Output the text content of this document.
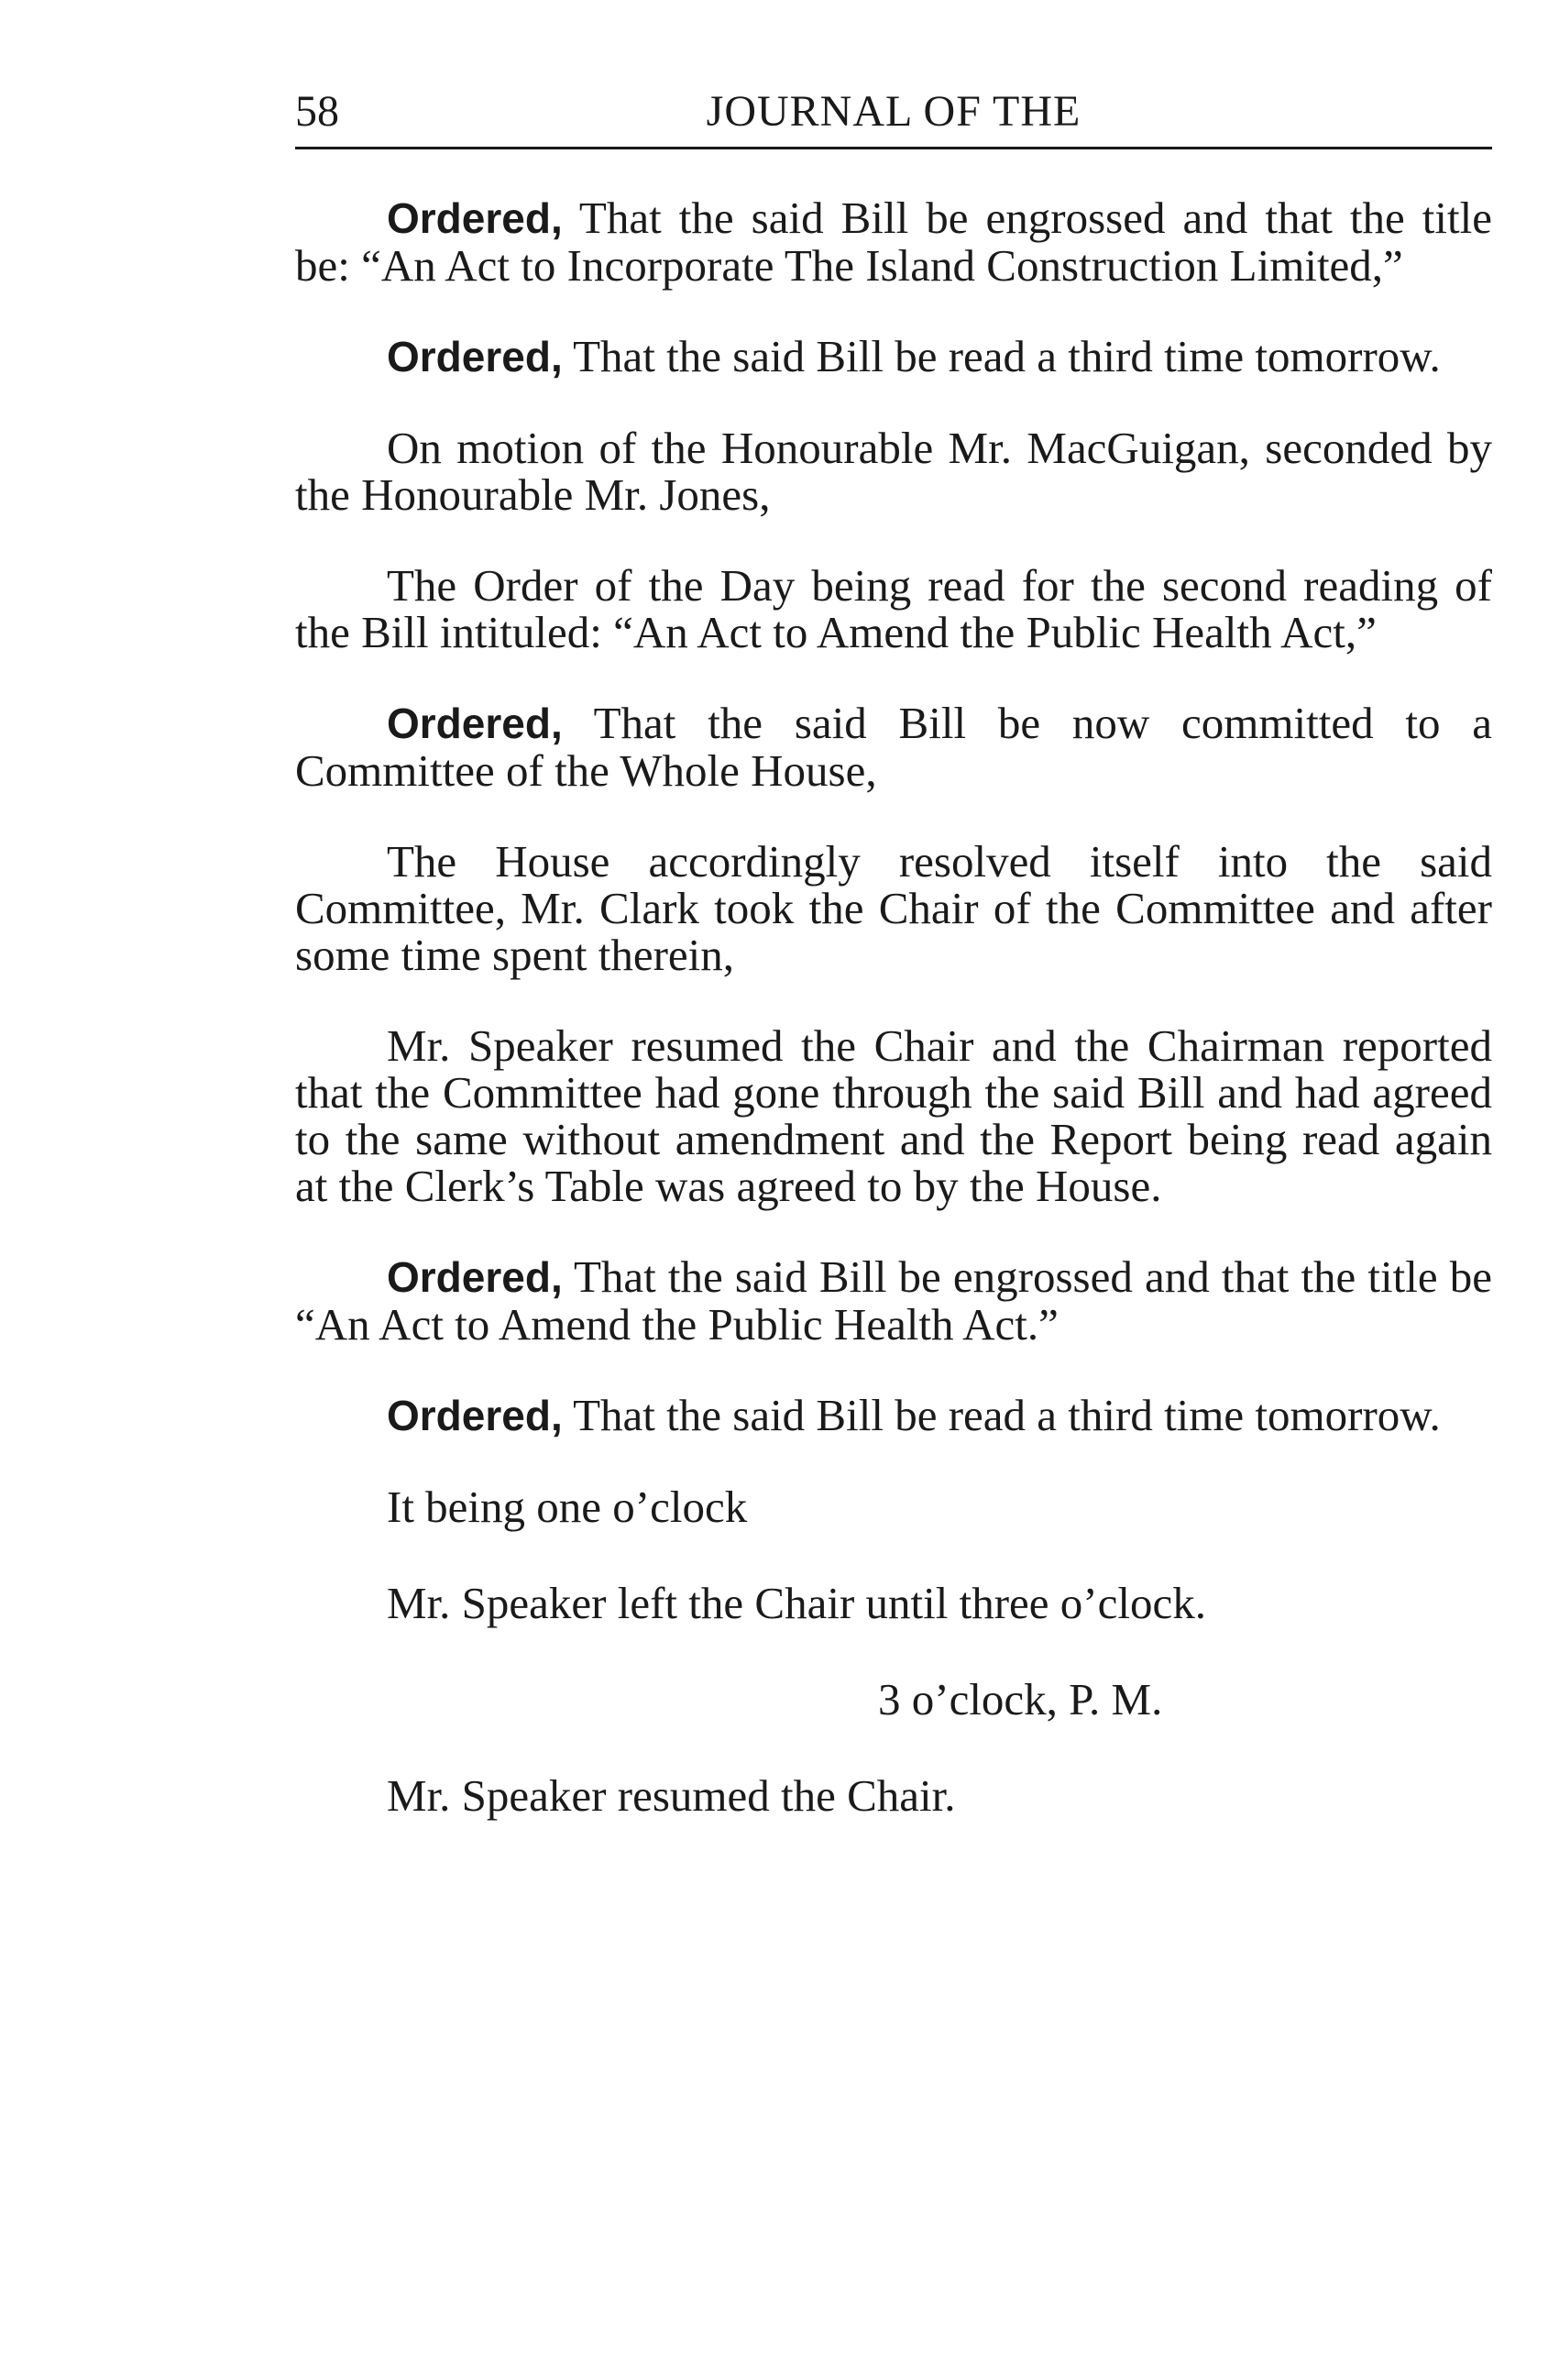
58	JOURNAL OF THE

Ordered, That the said Bill be engrossed and that the title be: “An Act to Incorporate The Island Construction Limited,”

Ordered, That the said Bill be read a third time tomorrow.

On motion of the Honourable Mr. MacGuigan, seconded by the Honourable Mr. Jones,

The Order of the Day being read for the second reading of the Bill intituled: “An Act to Amend the Public Health Act,”

Ordered, That the said Bill be now committed to a Committee of the Whole House,

The House accordingly resolved itself into the said Committee, Mr. Clark took the Chair of the Committee and after some time spent therein,

Mr. Speaker resumed the Chair and the Chairman reported that the Committee had gone through the said Bill and had agreed to the same without amendment and the Report being read again at the Clerk’s Table was agreed to by the House.

Ordered, That the said Bill be engrossed and that the title be “An Act to Amend the Public Health Act.”

Ordered, That the said Bill be read a third time tomorrow.

It being one o’clock

Mr. Speaker left the Chair until three o’clock.

3 o’clock, P. M.

Mr. Speaker resumed the Chair.
